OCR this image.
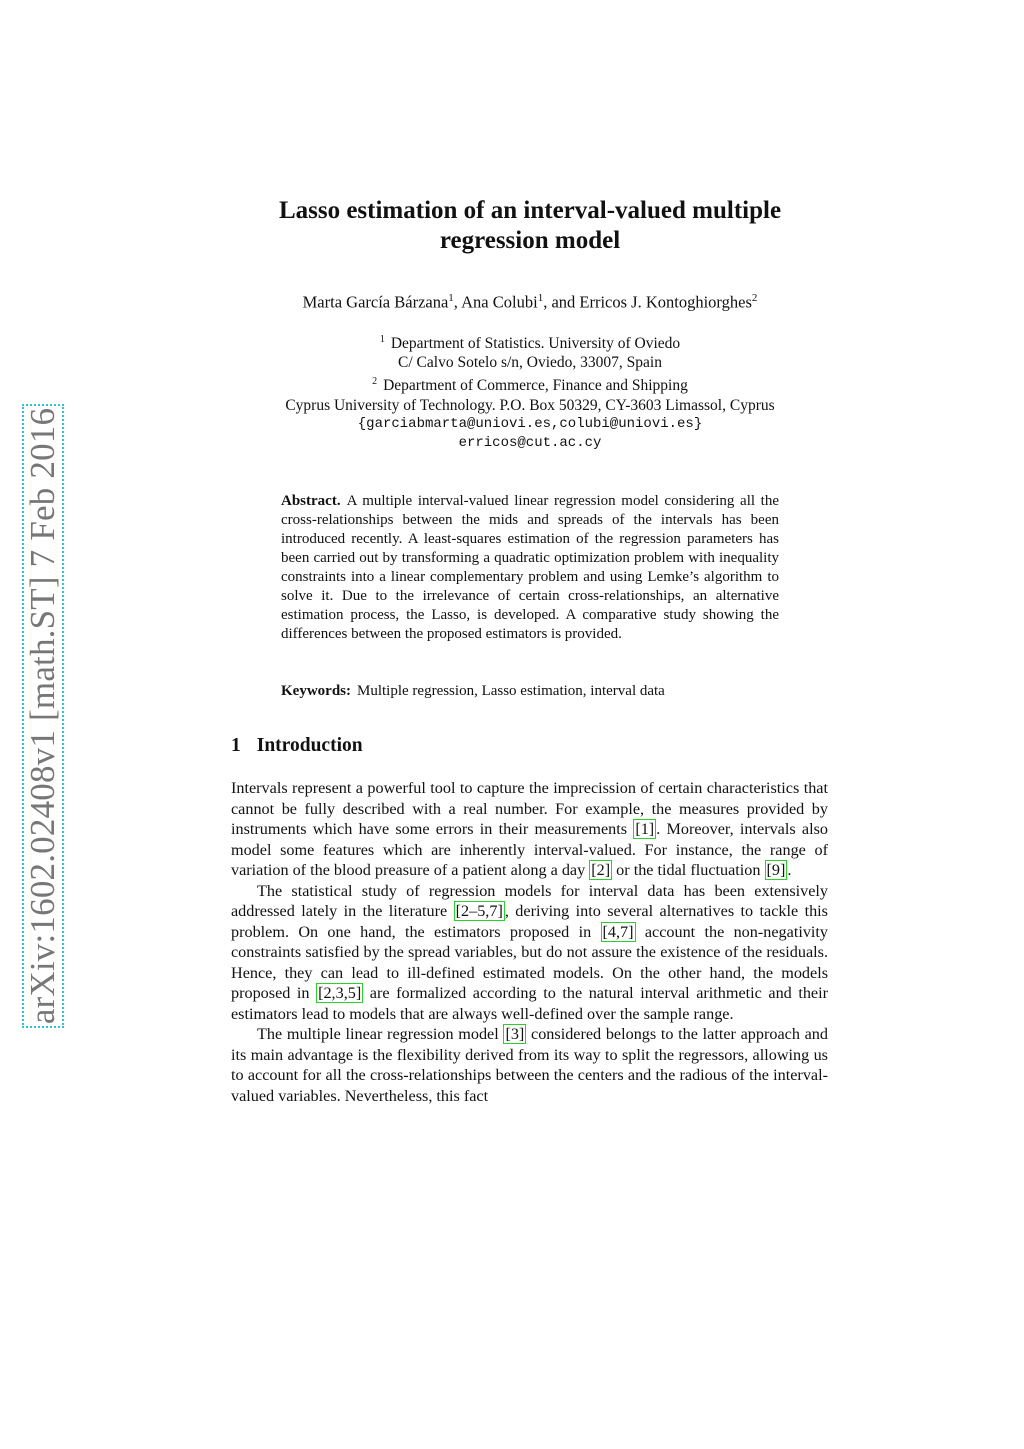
arXiv:1602.02408v1 [math.ST] 7 Feb 2016
Lasso estimation of an interval-valued multiple
regression model
Marta García Bárzana$^1$, Ana Colubi$^1$, and Erricos J. Kontoghiorghes$^2$
$^1$ Department of Statistics. University of Oviedo
C/ Calvo Sotelo s/n, Oviedo, 33007, Spain
$^2$ Department of Commerce, Finance and Shipping
Cyprus University of Technology. P.O. Box 50329, CY-3603 Limassol, Cyprus
{garciabmarta@uniovi.es,colubi@uniovi.es}
erricos@cut.ac.cy
Abstract. A multiple interval-valued linear regression model considering all the cross-relationships between the mids and spreads of the intervals has been introduced recently. A least-squares estimation of the regression parameters has been carried out by transforming a quadratic optimization problem with inequality constraints into a linear complementary problem and using Lemke’s algorithm to solve it. Due to the irrelevance of certain cross-relationships, an alternative estimation process, the Lasso, is developed. A comparative study showing the differences between the proposed estimators is provided.
Keywords: Multiple regression, Lasso estimation, interval data
1 Introduction

Intervals represent a powerful tool to capture the imprecission of certain characteristics that cannot be fully described with a real number. For example, the measures provided by instruments which have some errors in their measurements [1] . Moreover, intervals also model some features which are inherently interval-valued. For instance, the range of variation of the blood preasure of a patient along a day [2] or the tidal fluctuation [9] .

The statistical study of regression models for interval data has been extensively addressed lately in the literature [2–5,7] , deriving into several alternatives to tackle this problem. On one hand, the estimators proposed in [4,7] account the non-negativity constraints satisfied by the spread variables, but do not assure the existence of the residuals. Hence, they can lead to ill-defined estimated models. On the other hand, the models proposed in [2,3,5] are formalized according to the natural interval arithmetic and their estimators lead to models that are always well-defined over the sample range.

The multiple linear regression model [3] considered belongs to the latter approach and its main advantage is the flexibility derived from its way to split the regressors, allowing us to account for all the cross-relationships between the centers and the radious of the interval-valued variables. Nevertheless, this fact
